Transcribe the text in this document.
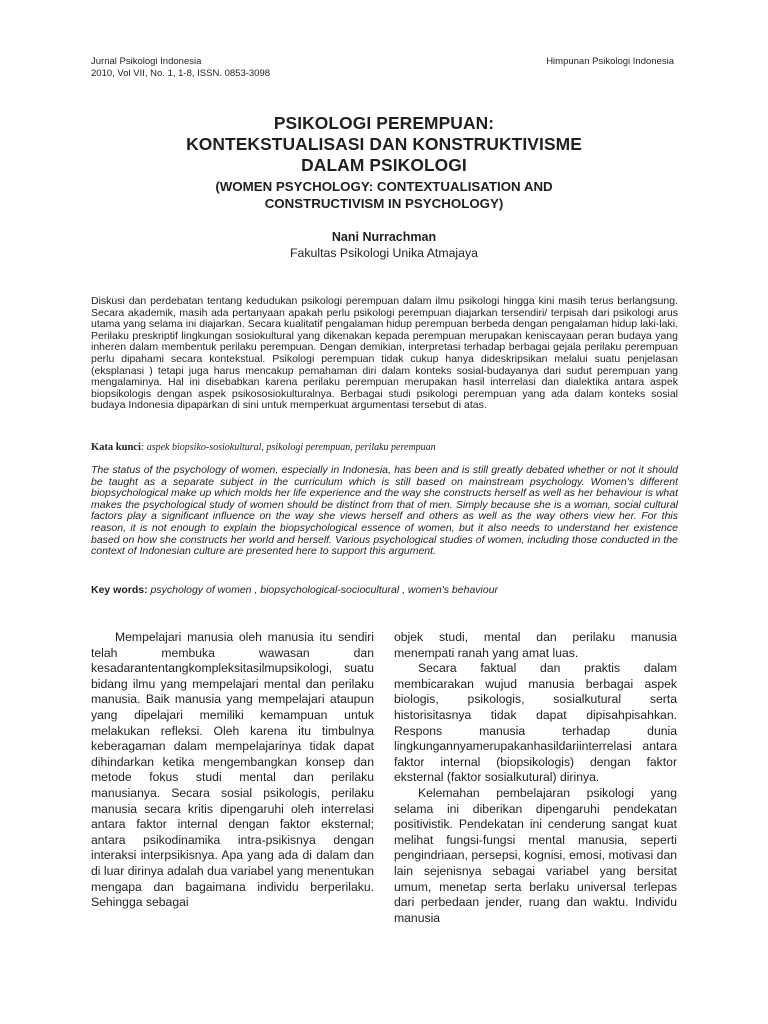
Jurnal Psikologi Indonesia
2010, Vol VII, No. 1, 1-8, ISSN. 0853-3098
Himpunan Psikologi Indonesia
PSIKOLOGI PEREMPUAN:
KONTEKSTUALISASI DAN KONSTRUKTIVISME
DALAM PSIKOLOGI
(WOMEN PSYCHOLOGY: CONTEXTUALISATION AND
CONSTRUCTIVISM IN PSYCHOLOGY)
Nani Nurrachman
Fakultas Psikologi Unika Atmajaya
Diskusi dan perdebatan tentang kedudukan psikologi perempuan dalam ilmu psikologi hingga kini masih terus berlangsung. Secara akademik, masih ada pertanyaan apakah perlu psikologi perempuan diajarkan tersendiri/ terpisah dari psikologi arus utama yang selama ini diajarkan. Secara kualitatif pengalaman hidup perempuan berbeda dengan pengalaman hidup laki-laki. Perilaku preskriptif lingkungan sosiokultural yang dikenakan kepada perempuan merupakan keniscayaan peran budaya yang inheren dalam membentuk perilaku perempuan. Dengan demikian, interpretasi terhadap berbagai gejala perilaku perempuan perlu dipahami secara kontekstual. Psikologi perempuan tidak cukup hanya dideskripsikan melalui suatu penjelasan (eksplanasi ) tetapi juga harus mencakup pemahaman diri dalam konteks sosial-budayanya dari sudut perempuan yang mengalaminya. Hal ini disebabkan karena perilaku perempuan merupakan hasil interrelasi dan dialektika antara aspek biopsikologis dengan aspek psikososiokulturalnya. Berbagai studi psikologi perempuan yang ada dalam konteks sosial budaya Indonesia dipaparkan di sini untuk memperkuat argumentasi tersebut di atas.
Kata kunci: aspek biopsiko-sosiokultural, psikologi perempuan, perilaku perempuan
The status of the psychology of women, especially in Indonesia, has been and is still greatly debated whether or not it should be taught as a separate subject in the curriculum which is still based on mainstream psychology. Women's different biopsychological make up which molds her life experience and the way she constructs herself as well as her behaviour is what makes the psychological study of women should be distinct from that of men. Simply because she is a woman, social cultural factors play a significant influence on the way she views herself and others as well as the way others view her. For this reason, it is not enough to explain the biopsychological essence of women, but it also needs to understand her existence based on how she constructs her world and herself. Various psychological studies of women, including those conducted in the context of Indonesian culture are presented here to support this argument.
Key words: psychology of women , biopsychological-sociocultural , women's behaviour

Mempelajari manusia oleh manusia itu sendiri telah membuka wawasan dan kesadarantentangkompleksitasilmupsikologi, suatu bidang ilmu yang mempelajari mental dan perilaku manusia. Baik manusia yang mempelajari ataupun yang dipelajari memiliki kemampuan untuk melakukan refleksi. Oleh karena itu timbulnya keberagaman dalam mempelajarinya tidak dapat dihindarkan ketika mengembangkan konsep dan metode fokus studi mental dan perilaku manusianya. Secara sosial psikologis, perilaku manusia secara kritis dipengaruhi oleh interrelasi antara faktor internal dengan faktor eksternal; antara psikodinamika intra-psikisnya dengan interaksi interpsikisnya. Apa yang ada di dalam dan di luar dirinya adalah dua variabel yang menentukan mengapa dan bagaimana individu berperilaku. Sehingga sebagai

objek studi, mental dan perilaku manusia menempati ranah yang amat luas.

Secara faktual dan praktis dalam membicarakan wujud manusia berbagai aspek biologis, psikologis, sosialkutural serta historisitasnya tidak dapat dipisahpisahkan. Respons manusia terhadap dunia lingkungannyamerupakanhasildariinterrelasi antara faktor internal (biopsikologis) dengan faktor eksternal (faktor sosialkutural) dirinya.

Kelemahan pembelajaran psikologi yang selama ini diberikan dipengaruhi pendekatan positivistik. Pendekatan ini cenderung sangat kuat melihat fungsi-fungsi mental manusia, seperti pengindriaan, persepsi, kognisi, emosi, motivasi dan lain sejenisnya sebagai variabel yang bersitat umum, menetap serta berlaku universal terlepas dari perbedaan jender, ruang dan waktu. Individu manusia
